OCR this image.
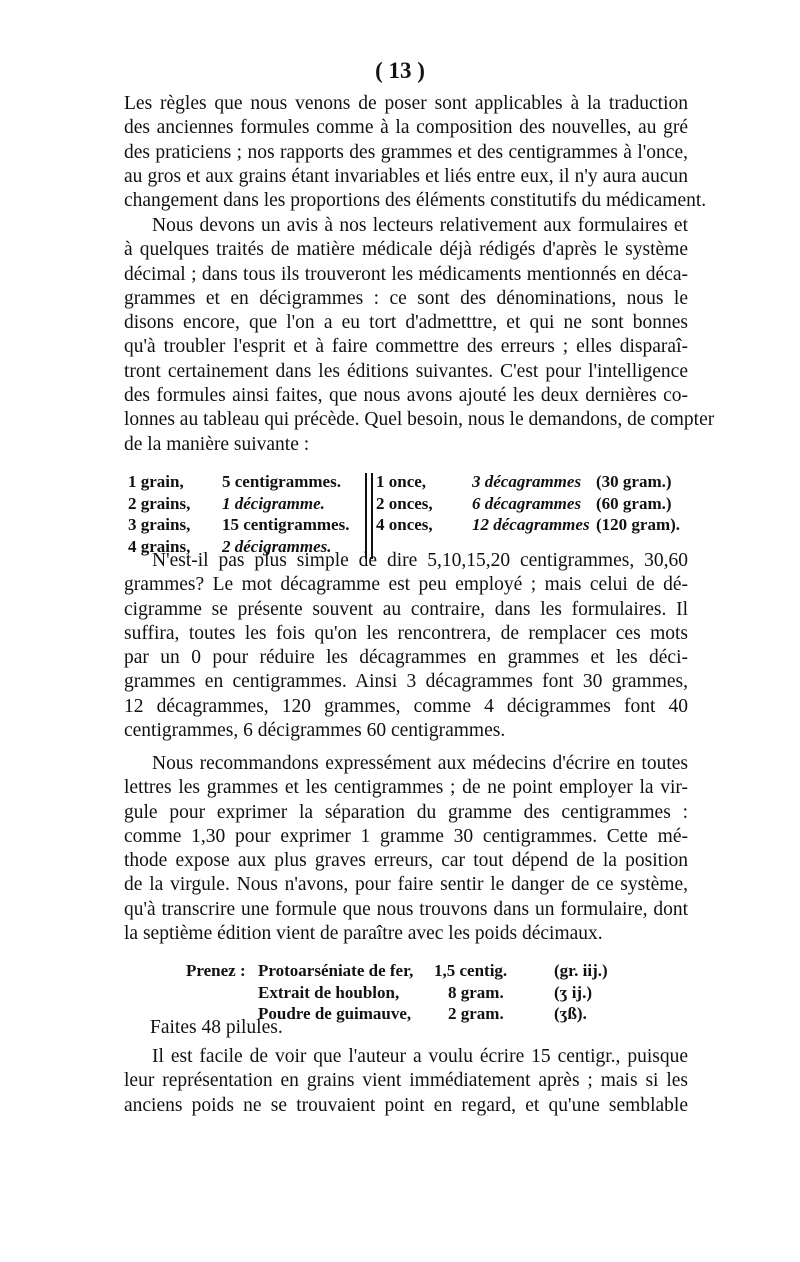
( 13 )

Les règles que nous venons de poser sont applicables à la traduction
des anciennes formules comme à la composition des nouvelles, au gré
des praticiens ; nos rapports des grammes et des centigrammes à l'once,
au gros et aux grains étant invariables et liés entre eux, il n'y aura aucun
changement dans les proportions des éléments constitutifs du médicament.

Nous devons un avis à nos lecteurs relativement aux formulaires et
à quelques traités de matière médicale déjà rédigés d'après le système
décimal ; dans tous ils trouveront les médicaments mentionnés en déca-
grammes et en décigrammes : ce sont des dénominations, nous le
disons encore, que l'on a eu tort d'admetttre, et qui ne sont bonnes
qu'à troubler l'esprit et à faire commettre des erreurs ; elles disparaî-
tront certainement dans les éditions suivantes. C'est pour l'intelligence
des formules ainsi faites, que nous avons ajouté les deux dernières co-
lonnes au tableau qui précède. Quel besoin, nous le demandons, de compter
de la manière suivante :

1 grain,	5 centigrammes.
2 grains,	1 décigramme.
3 grains,	15 centigrammes.
4 grains,	2 décigrammes.
1 once,	3 décagrammes (30 gram.)
2 onces,	6 décagrammes (60 gram.)
4 onces,	12 décagrammes (120 gram).

N'est-il pas plus simple de dire 5,10,15,20 centigrammes, 30,60
grammes? Le mot décagramme est peu employé ; mais celui de dé-
cigramme se présente souvent au contraire, dans les formulaires. Il
suffira, toutes les fois qu'on les rencontrera, de remplacer ces mots
par un 0 pour réduire les décagrammes en grammes et les déci-
grammes en centigrammes. Ainsi 3 décagrammes font 30 grammes,
12 décagrammes, 120 grammes, comme 4 décigrammes font 40
centigrammes, 6 décigrammes 60 centigrammes.

Nous recommandons expressément aux médecins d'écrire en toutes
lettres les grammes et les centigrammes ; de ne point employer la vir-
gule pour exprimer la séparation du gramme des centigrammes :
comme 1,30 pour exprimer 1 gramme 30 centigrammes. Cette mé-
thode expose aux plus graves erreurs, car tout dépend de la position
de la virgule. Nous n'avons, pour faire sentir le danger de ce système,
qu'à transcrire une formule que nous trouvons dans un formulaire, dont
la septième édition vient de paraître avec les poids décimaux.

Prenez : Protoarséniate de fer,	1,5 centig.	(gr. iij.)
Extrait de houblon,	8 gram.	(ʒ ij.)
Poudre de guimauve,	2 gram.	(ʒß).

Faites 48 pilules.

Il est facile de voir que l'auteur a voulu écrire 15 centigr., puisque
leur représentation en grains vient immédiatement après ; mais si les
anciens poids ne se trouvaient point en regard, et qu'une semblable
